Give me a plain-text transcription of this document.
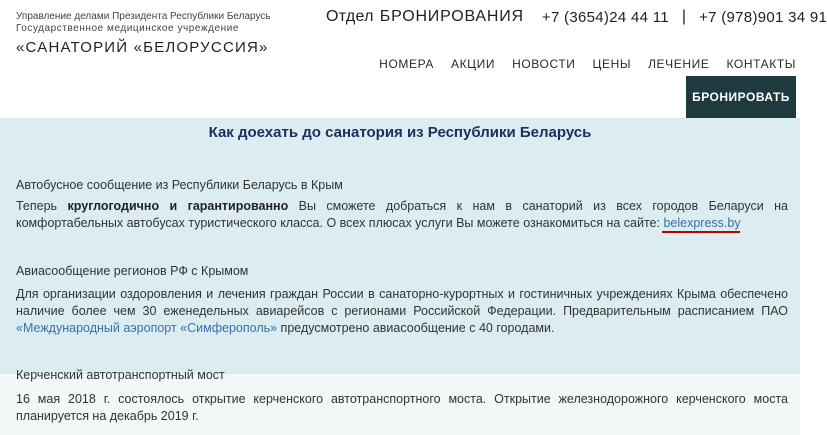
Управление делами Президента Республики Беларусь
Государственное медицинское учреждение
«САНАТОРИЙ «БЕЛОРУССИЯ»
Отдел БРОНИРОВАНИЯ +7 (3654)24 44 11 | +7 (978)901 34 91
НОМЕРА АКЦИИ НОВОСТИ ЦЕНЫ ЛЕЧЕНИЕ КОНТАКТЫ
БРОНИРОВАТЬ
Как доехать до санатория из Республики Беларусь
Автобусное сообщение из Республики Беларусь в Крым
Теперь круглогодично и гарантированно Вы сможете добраться к нам в санаторий из всех городов Беларуси на комфортабельных автобусах туристического класса. О всех плюсах услуги Вы можете ознакомиться на сайте: belexpress.by
Авиасообщение регионов РФ с Крымом
Для организации оздоровления и лечения граждан России в санаторно-курортных и гостиничных учреждениях Крыма обеспечено наличие более чем 30 еженедельных авиарейсов с регионами Российской Федерации. Предварительным расписанием ПАО «Международный аэропорт «Симферополь» предусмотрено авиасообщение с 40 городами.
Керченский автотранспортный мост
16 мая 2018 г. состоялось открытие керченского автотранспортного моста. Открытие железнодорожного керченского моста планируется на декабрь 2019 г.
